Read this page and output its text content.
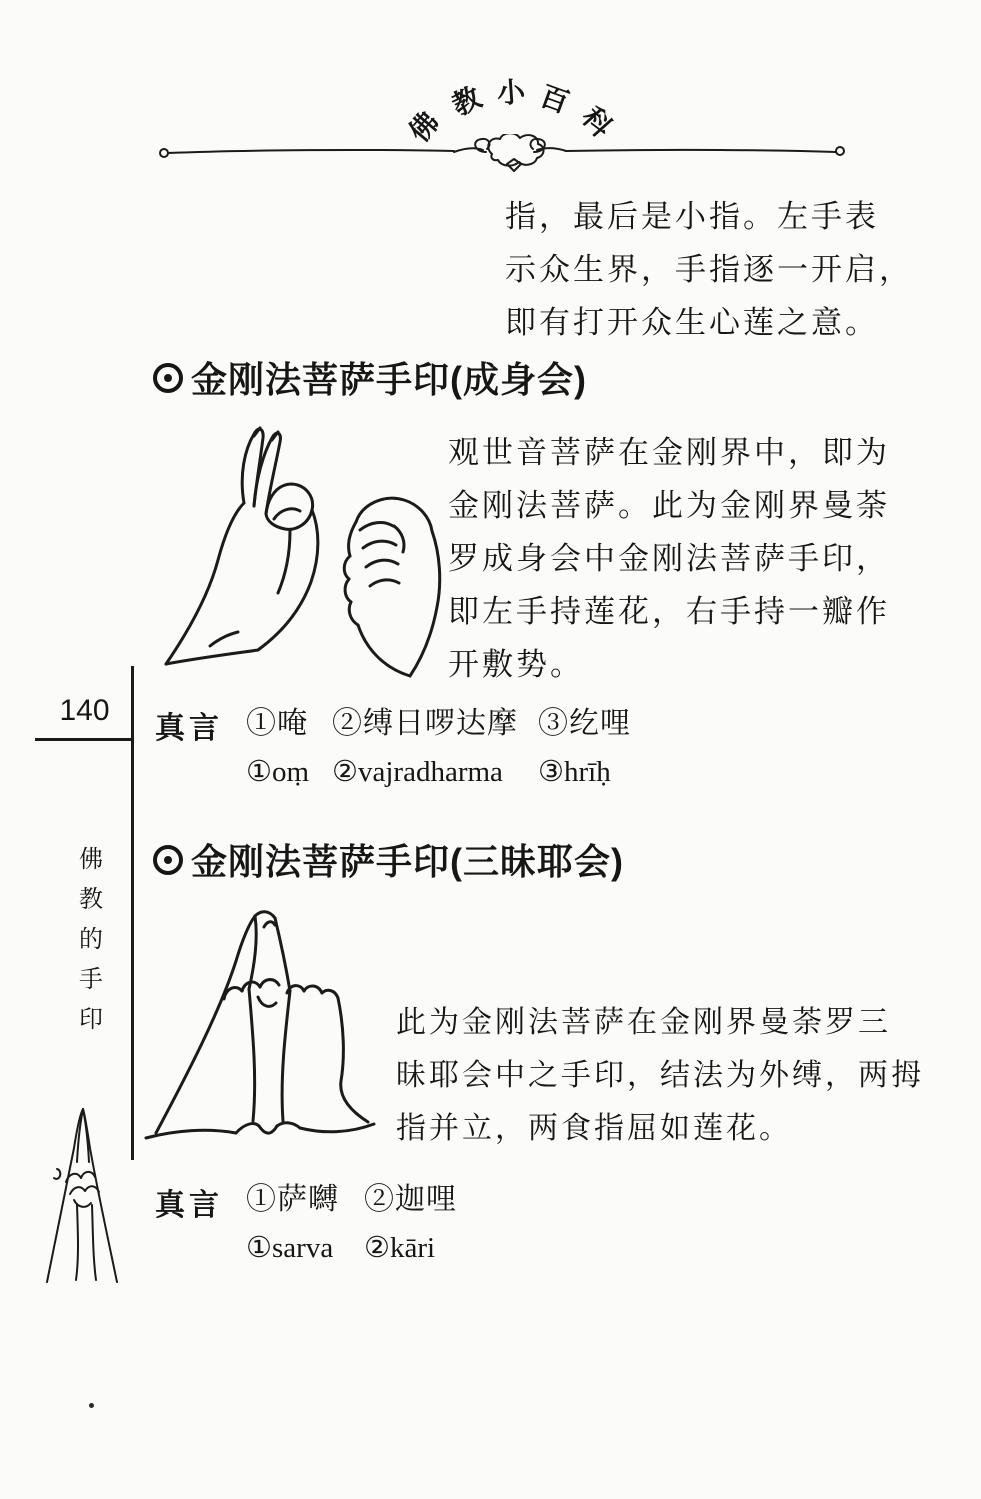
佛
教 小 百
科
指，最后是小指。左手表
示众生界，手指逐一开启，
即有打开众生心莲之意。
金刚法菩萨手印(成身会)
观世音菩萨在金刚界中，即为
金刚法菩萨。此为金刚界曼荼
罗成身会中金刚法菩萨手印，
即左手持莲花，右手持一瓣作
开敷势。
140
佛
教
的
手
印
真言 ①唵 ②缚日啰达摩 ③纥哩
①oṃ ②vajradharma	③hrīḥ
金刚法菩萨手印(三昧耶会)
此为金刚法菩萨在金刚界曼荼罗三
昧耶会中之手印，结法为外缚，两拇
指并立，两食指屈如莲花。
真言 ①萨嚩 ②迦哩
①sarva	②kāri
